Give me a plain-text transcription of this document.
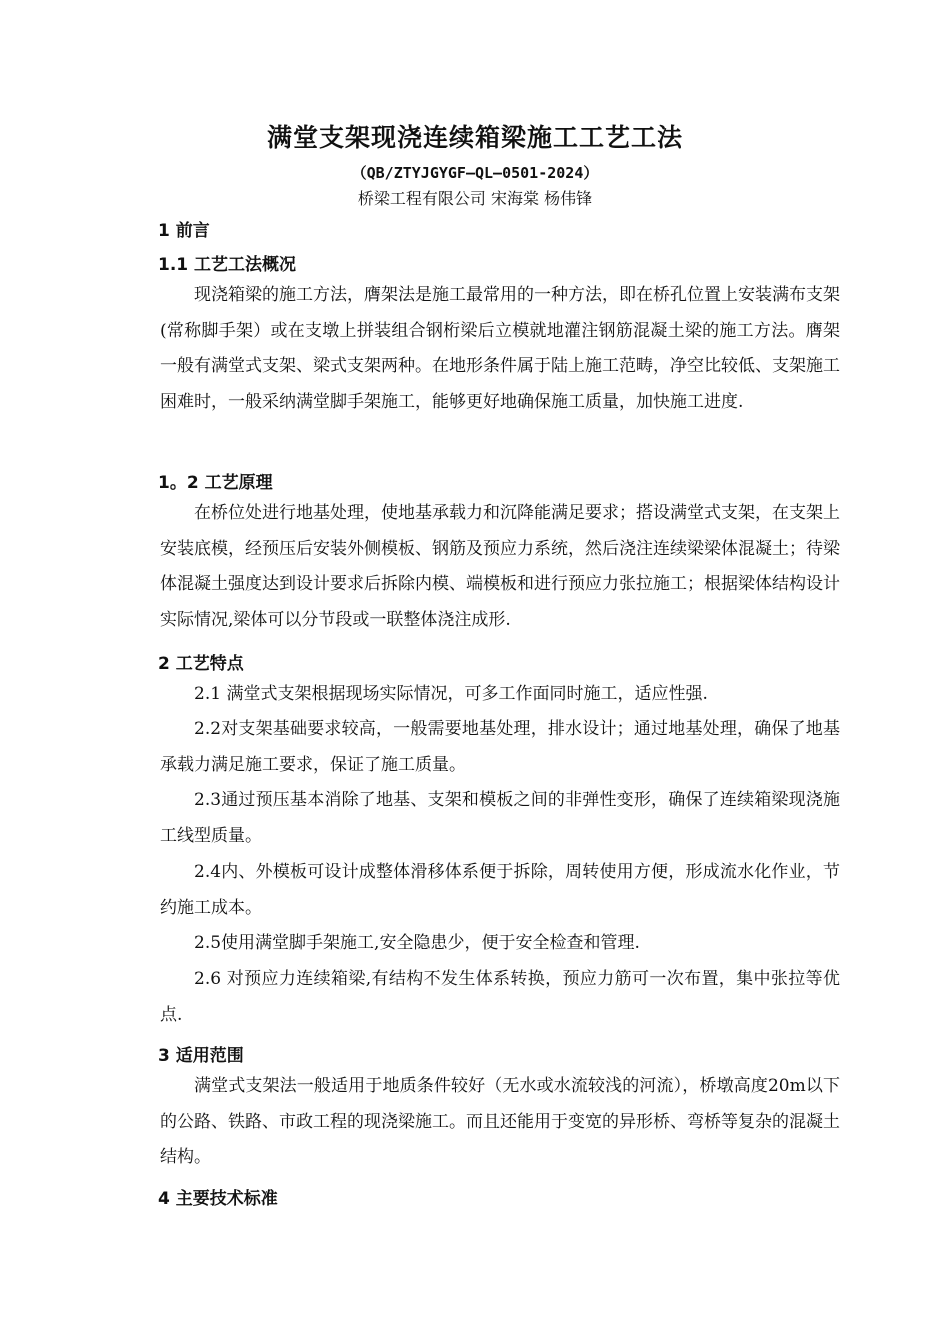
满堂支架现浇连续箱梁施工工艺工法
（QB/ZTYJGYGF—QL—0501-2024）
桥梁工程有限公司 宋海棠 杨伟锋
1 前言
1.1 工艺工法概况

现浇箱梁的施工方法，膺架法是施工最常用的一种方法，即在桥孔位置上安装满布支架(常称脚手架）或在支墩上拼装组合钢桁梁后立模就地灌注钢筋混凝土梁的施工方法。膺架一般有满堂式支架、梁式支架两种。在地形条件属于陆上施工范畴，净空比较低、支架施工困难时，一般采纳满堂脚手架施工，能够更好地确保施工质量，加快施工进度.

1。2 工艺原理

在桥位处进行地基处理，使地基承载力和沉降能满足要求；搭设满堂式支架，在支架上安装底模，经预压后安装外侧模板、钢筋及预应力系统，然后浇注连续梁梁体混凝土；待梁体混凝土强度达到设计要求后拆除内模、端模板和进行预应力张拉施工；根据梁体结构设计实际情况,梁体可以分节段或一联整体浇注成形.

2 工艺特点

2.1 满堂式支架根据现场实际情况，可多工作面同时施工，适应性强.

2.2对支架基础要求较高，一般需要地基处理，排水设计；通过地基处理，确保了地基承载力满足施工要求，保证了施工质量。

2.3通过预压基本消除了地基、支架和模板之间的非弹性变形，确保了连续箱梁现浇施工线型质量。

2.4内、外模板可设计成整体滑移体系便于拆除，周转使用方便，形成流水化作业，节约施工成本。

2.5使用满堂脚手架施工,安全隐患少，便于安全检查和管理.

2.6 对预应力连续箱梁,有结构不发生体系转换，预应力筋可一次布置，集中张拉等优点.

3 适用范围

满堂式支架法一般适用于地质条件较好（无水或水流较浅的河流），桥墩高度20m以下的公路、铁路、市政工程的现浇梁施工。而且还能用于变宽的异形桥、弯桥等复杂的混凝土结构。

4 主要技术标准
